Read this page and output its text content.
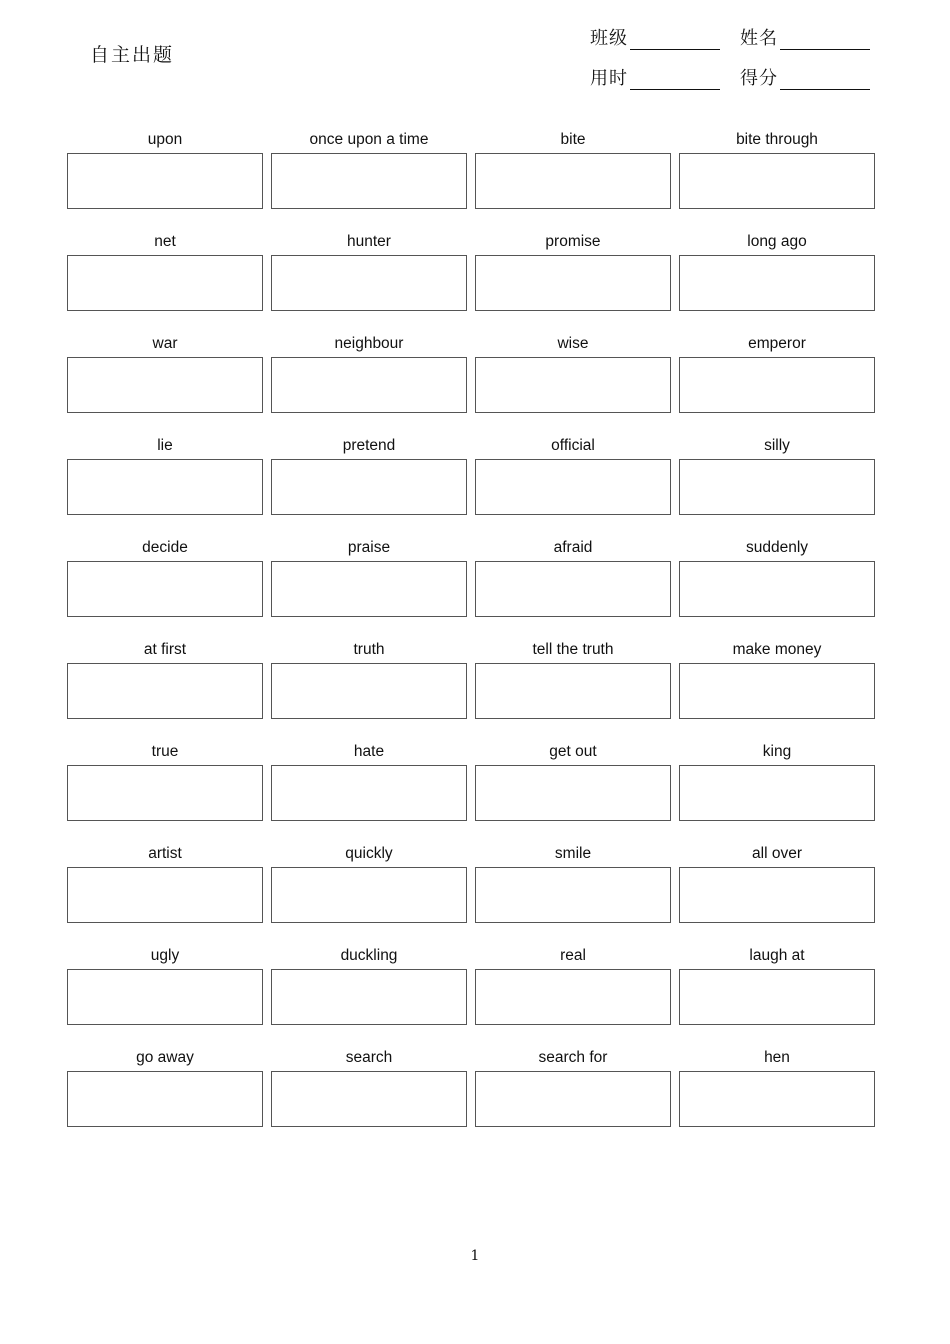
自主出题
班级	姓名
用时	得分
upon	once upon a time	bite	bite through
net	hunter	promise	long ago
war	neighbour	wise	emperor
lie	pretend	official	silly
decide	praise	afraid	suddenly
at first	truth	tell the truth	make money
true	hate	get out	king
artist	quickly	smile	all over
ugly	duckling	real	laugh at
go away	search	search for	hen
1
